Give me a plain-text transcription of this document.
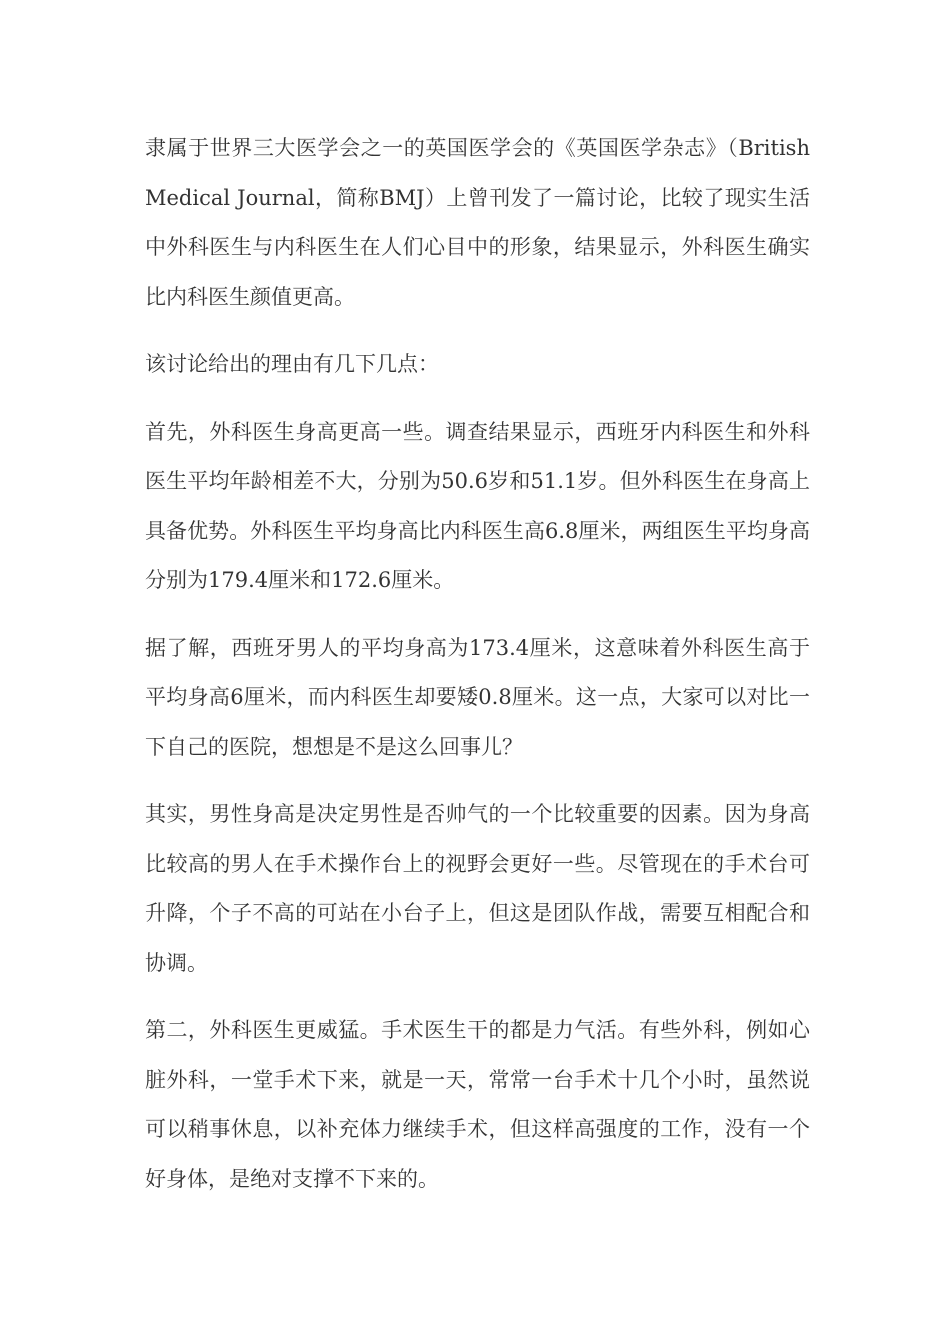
隶属于世界三大医学会之一的英国医学会的《英国医学杂志》（British Medical Journal，简称BMJ）上曾刊发了一篇讨论，比较了现实生活中外科医生与内科医生在人们心目中的形象，结果显示，外科医生确实比内科医生颜值更高。

该讨论给出的理由有几下几点：

首先，外科医生身高更高一些。调查结果显示，西班牙内科医生和外科医生平均年龄相差不大，分别为50.6岁和51.1岁。但外科医生在身高上具备优势。外科医生平均身高比内科医生高6.8厘米，两组医生平均身高分别为179.4厘米和172.6厘米。

据了解，西班牙男人的平均身高为173.4厘米，这意味着外科医生高于平均身高6厘米，而内科医生却要矮0.8厘米。这一点，大家可以对比一下自己的医院，想想是不是这么回事儿？

其实，男性身高是决定男性是否帅气的一个比较重要的因素。因为身高比较高的男人在手术操作台上的视野会更好一些。尽管现在的手术台可升降，个子不高的可站在小台子上，但这是团队作战，需要互相配合和协调。

第二，外科医生更威猛。手术医生干的都是力气活。有些外科，例如心脏外科，一堂手术下来，就是一天，常常一台手术十几个小时，虽然说可以稍事休息，以补充体力继续手术，但这样高强度的工作，没有一个好身体，是绝对支撑不下来的。
